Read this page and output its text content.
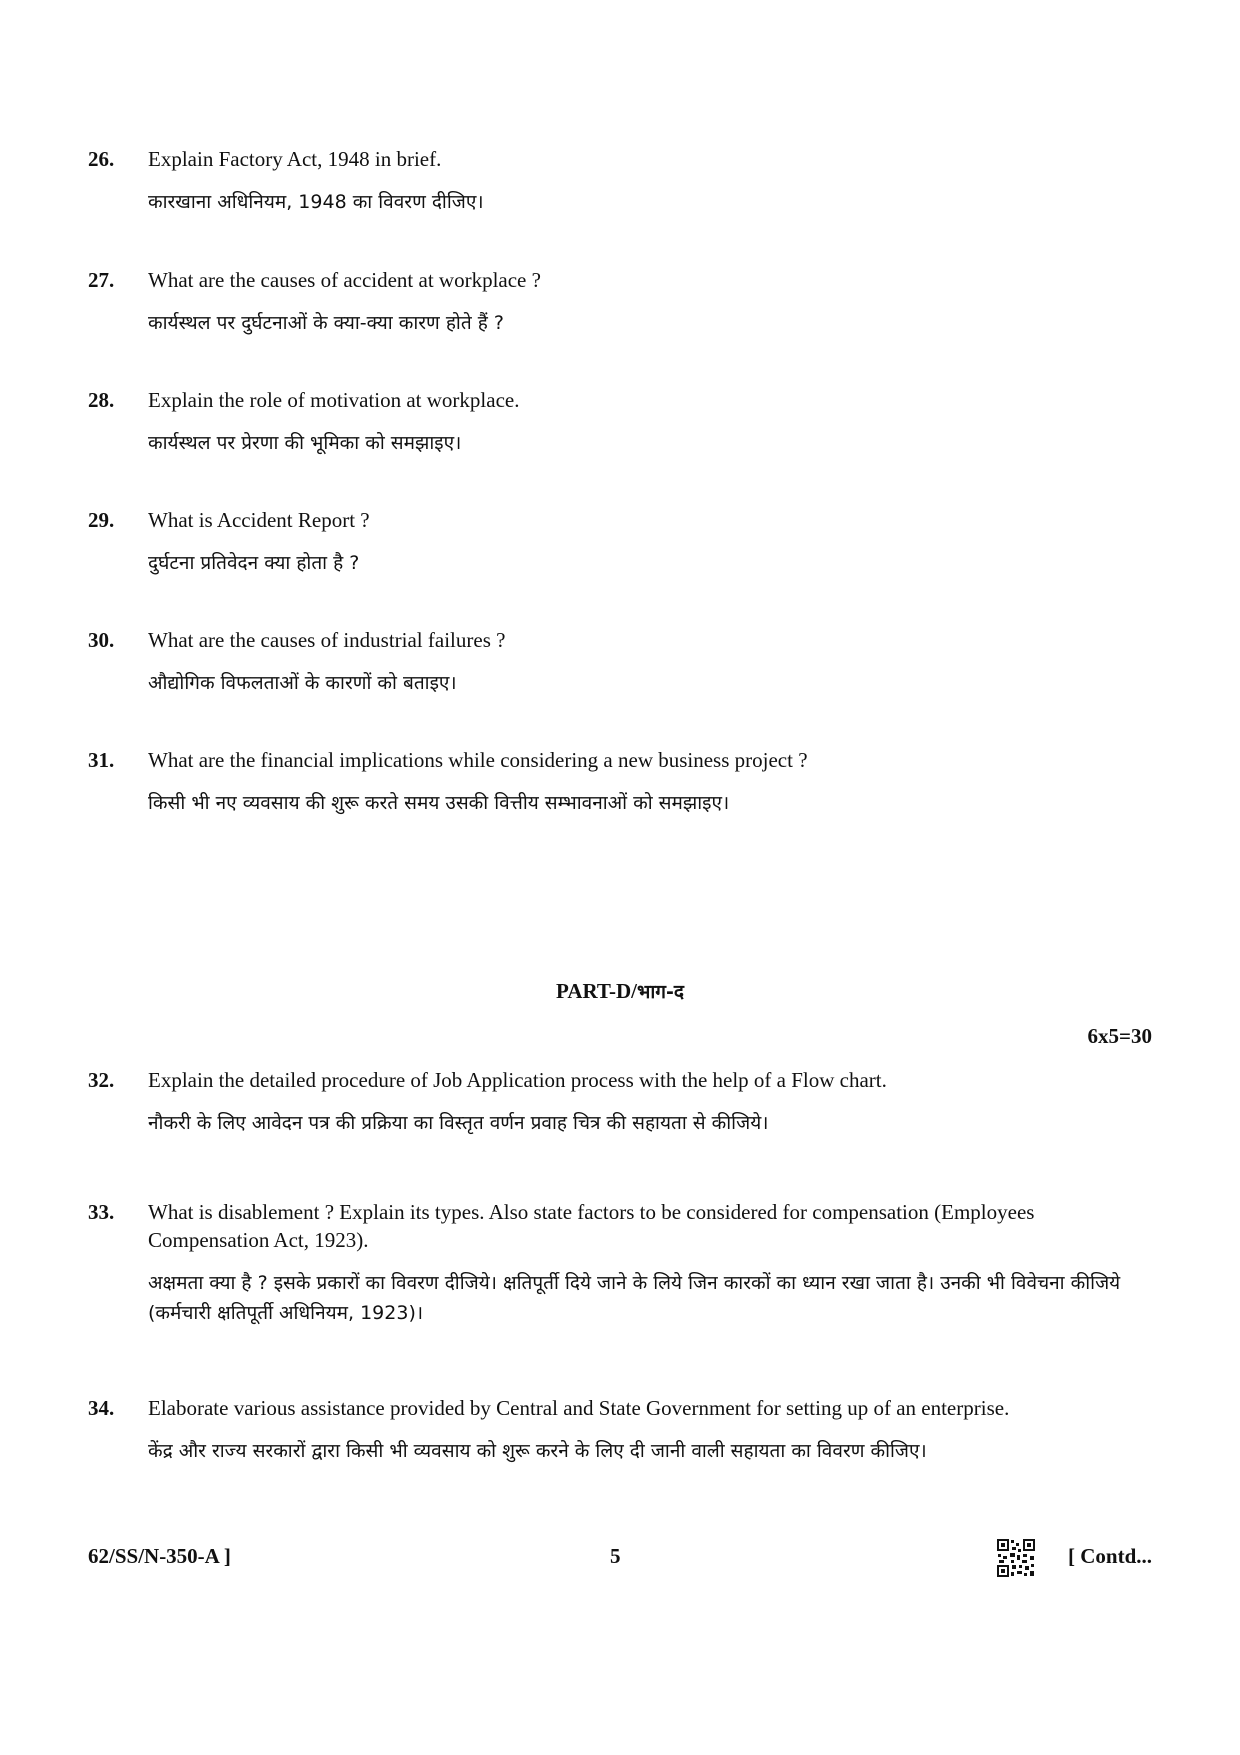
26. Explain Factory Act, 1948 in brief.

कारखाना अधिनियम, 1948 का विवरण दीजिए।

27. What are the causes of accident at workplace ?

कार्यस्थल पर दुर्घटनाओं के क्या-क्या कारण होते हैं ?

28. Explain the role of motivation at workplace.

कार्यस्थल पर प्रेरणा की भूमिका को समझाइए।

29. What is Accident Report ?

दुर्घटना प्रतिवेदन क्या होता है ?

30. What are the causes of industrial failures ?

औद्योगिक विफलताओं के कारणों को बताइए।

31. What are the financial implications while considering a new business project ?

किसी भी नए व्यवसाय की शुरू करते समय उसकी वित्तीय सम्भावनाओं को समझाइए।

PART-D/भाग-द
6x5=30
32. Explain the detailed procedure of Job Application process with the help of a Flow chart.

नौकरी के लिए आवेदन पत्र की प्रक्रिया का विस्तृत वर्णन प्रवाह चित्र की सहायता से कीजिये।

33. What is disablement ? Explain its types. Also state factors to be considered for compensation (Employees Compensation Act, 1923).

अक्षमता क्या है ? इसके प्रकारों का विवरण दीजिये। क्षतिपूर्ती दिये जाने के लिये जिन कारकों का ध्यान रखा जाता है। उनकी भी विवेचना कीजिये (कर्मचारी क्षतिपूर्ती अधिनियम, 1923)।

34. Elaborate various assistance provided by Central and State Government for setting up of an enterprise.

केंद्र और राज्य सरकारों द्वारा किसी भी व्यवसाय को शुरू करने के लिए दी जानी वाली सहायता का विवरण कीजिए।

62/SS/N-350-A ]	5	[ Contd...
